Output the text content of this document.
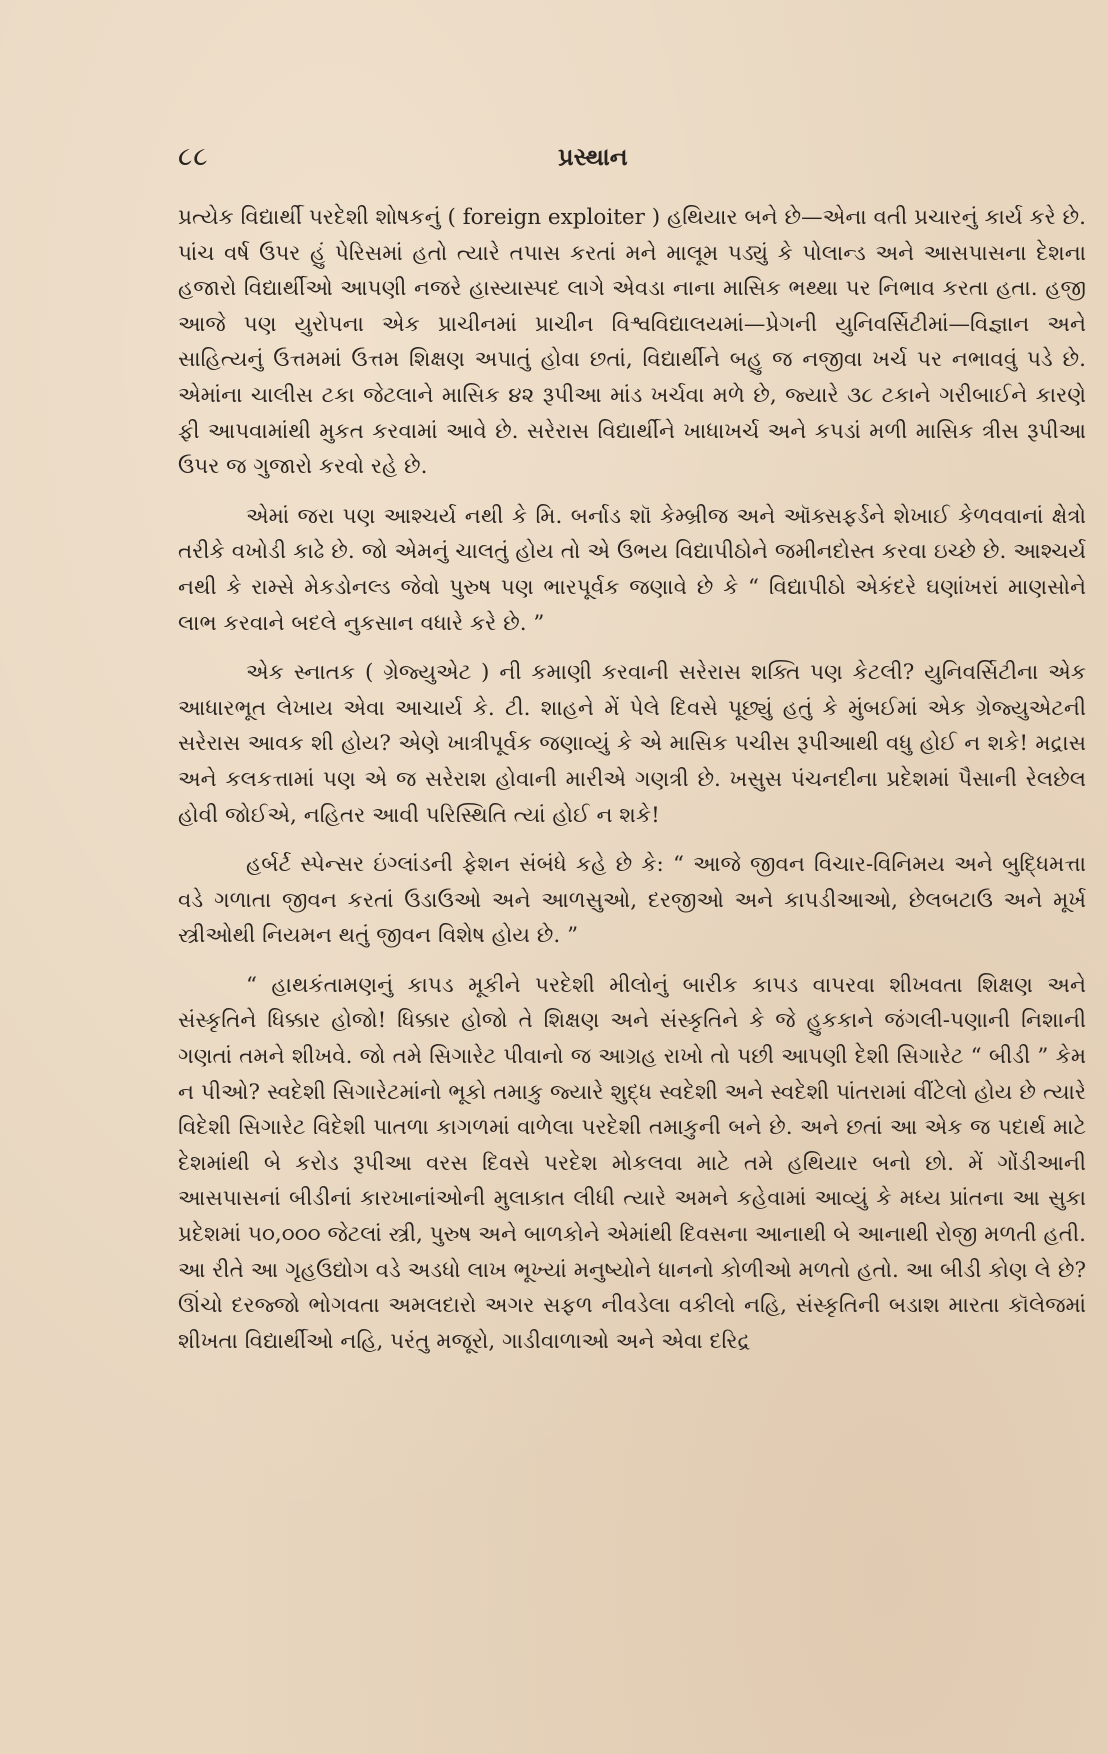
૮૮	પ્રસ્થાન

પ્રત્યેક વિદ્યાર્થી પરદેશી શોષકનું ( foreign exploiter ) હથિયાર બને છે—એના વતી પ્રચારનું કાર્ય કરે છે. પાંચ વર્ષ ઉપર હું પેરિસમાં હતો ત્યારે તપાસ કરતાં મને માલૂમ પડ્યું કે પોલાન્ડ અને આસપાસના દેશના હજારો વિદ્યાર્થીઓ આપણી નજરે હાસ્યાસ્પદ લાગે એવડા નાના માસિક ભથ્થા પર નિભાવ કરતા હતા. હજી આજે પણ યુરોપના એક પ્રાચીનમાં પ્રાચીન વિશ્વવિદ્યાલયમાં—પ્રેગની યુનિવર્સિટીમાં—વિજ્ઞાન અને સાહિત્યનું ઉત્તમમાં ઉત્તમ શિક્ષણ અપાતું હોવા છતાં, વિદ્યાર્થીને બહુ જ નજીવા ખર્ચ પર નભાવવું પડે છે. એમાંના ચાલીસ ટકા જેટલાને માસિક ૪૨ રૂપીઆ માંડ ખર્ચવા મળે છે, જ્યારે ૩૮ ટકાને ગરીબાઈને કારણે ફી આપવામાંથી મુકત કરવામાં આવે છે. સરેરાસ વિદ્યાર્થીને ખાધાખર્ચ અને કપડાં મળી માસિક ત્રીસ રૂપીઆ ઉપર જ ગુજારો કરવો રહે છે.

એમાં જરા પણ આશ્ચર્ય નથી કે મિ. બર્નાડ શૉ કેમ્બ્રીજ અને ઑક્સફર્ડને શેખાઈ કેળવવાનાં ક્ષેત્રો તરીકે વખોડી કાઢે છે. જો એમનું ચાલતું હોય તો એ ઉભય વિદ્યાપીઠોને જમીનદોસ્ત કરવા ઇચ્છે છે. આશ્ચર્ય નથી કે રામ્સે મેકડોનલ્ડ જેવો પુરુષ પણ ભારપૂર્વક જણાવે છે કે “ વિદ્યાપીઠો એકંદરે ઘણાંખરાં માણસોને લાભ કરવાને બદલે નુકસાન વધારે કરે છે. ”

એક સ્નાતક ( ગ્રેજ્યુએટ ) ની કમાણી કરવાની સરેરાસ શક્તિ પણ કેટલી? યુનિવર્સિટીના એક આધારભૂત લેખાય એવા આચાર્ય કે. ટી. શાહને મેં પેલે દિવસે પૂછ્યું હતું કે મુંબઈમાં એક ગ્રેજ્યુએટની સરેરાસ આવક શી હોય? એણે ખાત્રીપૂર્વક જણાવ્યું કે એ માસિક પચીસ રૂપીઆથી વધુ હોઈ ન શકે! મદ્રાસ અને કલકત્તામાં પણ એ જ સરેરાશ હોવાની મારીએ ગણત્રી છે. ખસુસ પંચનદીના પ્રદેશમાં પૈસાની રેલછેલ હોવી જોઈએ, નહિતર આવી પરિસ્થિતિ ત્યાં હોઈ ન શકે!

હર્બર્ટ સ્પેન્સર ઇંગ્લાંડની ફેશન સંબંધે કહે છે કે: “ આજે જીવન વિચાર-વિનિમય અને બુદ્ધિમત્તા વડે ગળાતા જીવન કરતાં ઉડાઉઓ અને આળસુઓ, દરજીઓ અને કાપડીઆઓ, છેલબટાઉ અને મૂર્ખ સ્ત્રીઓથી નિયમન થતું જીવન વિશેષ હોય છે. ”

“ હાથકંતામણનું કાપડ મૂકીને પરદેશી મીલોનું બારીક કાપડ વાપરવા શીખવતા શિક્ષણ અને સંસ્કૃતિને ધિક્કાર હોજો! ધિક્કાર હોજો તે શિક્ષણ અને સંસ્કૃતિને કે જે હુકકાને જંગલી-પણાની નિશાની ગણતાં તમને શીખવે. જો તમે સિગારેટ પીવાનો જ આગ્રહ રાખો તો પછી આપણી દેશી સિગારેટ “ બીડી ” કેમ ન પીઓ? સ્વદેશી સિગારેટમાંનો ભૂકો તમાકુ જ્યારે શુદ્ધ સ્વદેશી અને સ્વદેશી પાંતરામાં વીંટેલો હોય છે ત્યારે વિદેશી સિગારેટ વિદેશી પાતળા કાગળમાં વાળેલા પરદેશી તમાકુની બને છે. અને છતાં આ એક જ પદાર્થ માટે દેશમાંથી બે કરોડ રૂપીઆ વરસ દિવસે પરદેશ મોકલવા માટે તમે હથિયાર બનો છો. મેં ગોંડીઆની આસપાસનાં બીડીનાં કારખાનાંઓની મુલાકાત લીધી ત્યારે અમને કહેવામાં આવ્યું કે મધ્ય પ્રાંતના આ સુકા પ્રદેશમાં ૫૦,૦૦૦ જેટલાં સ્ત્રી, પુરુષ અને બાળકોને એમાંથી દિવસના આનાથી બે આનાથી રોજી મળતી હતી. આ રીતે આ ગૃહઉદ્યોગ વડે અડધો લાખ ભૂખ્યાં મનુષ્યોને ધાનનો કોળીઓ મળતો હતો. આ બીડી કોણ લે છે? ઊંચો દરજ્જો ભોગવતા અમલદારો અગર સફળ નીવડેલા વકીલો નહિ, સંસ્કૃતિની બડાશ મારતા કૉલેજમાં શીખતા વિદ્યાર્થીઓ નહિ, પરંતુ મજૂરો, ગાડીવાળાઓ અને એવા દરિદ્ર
